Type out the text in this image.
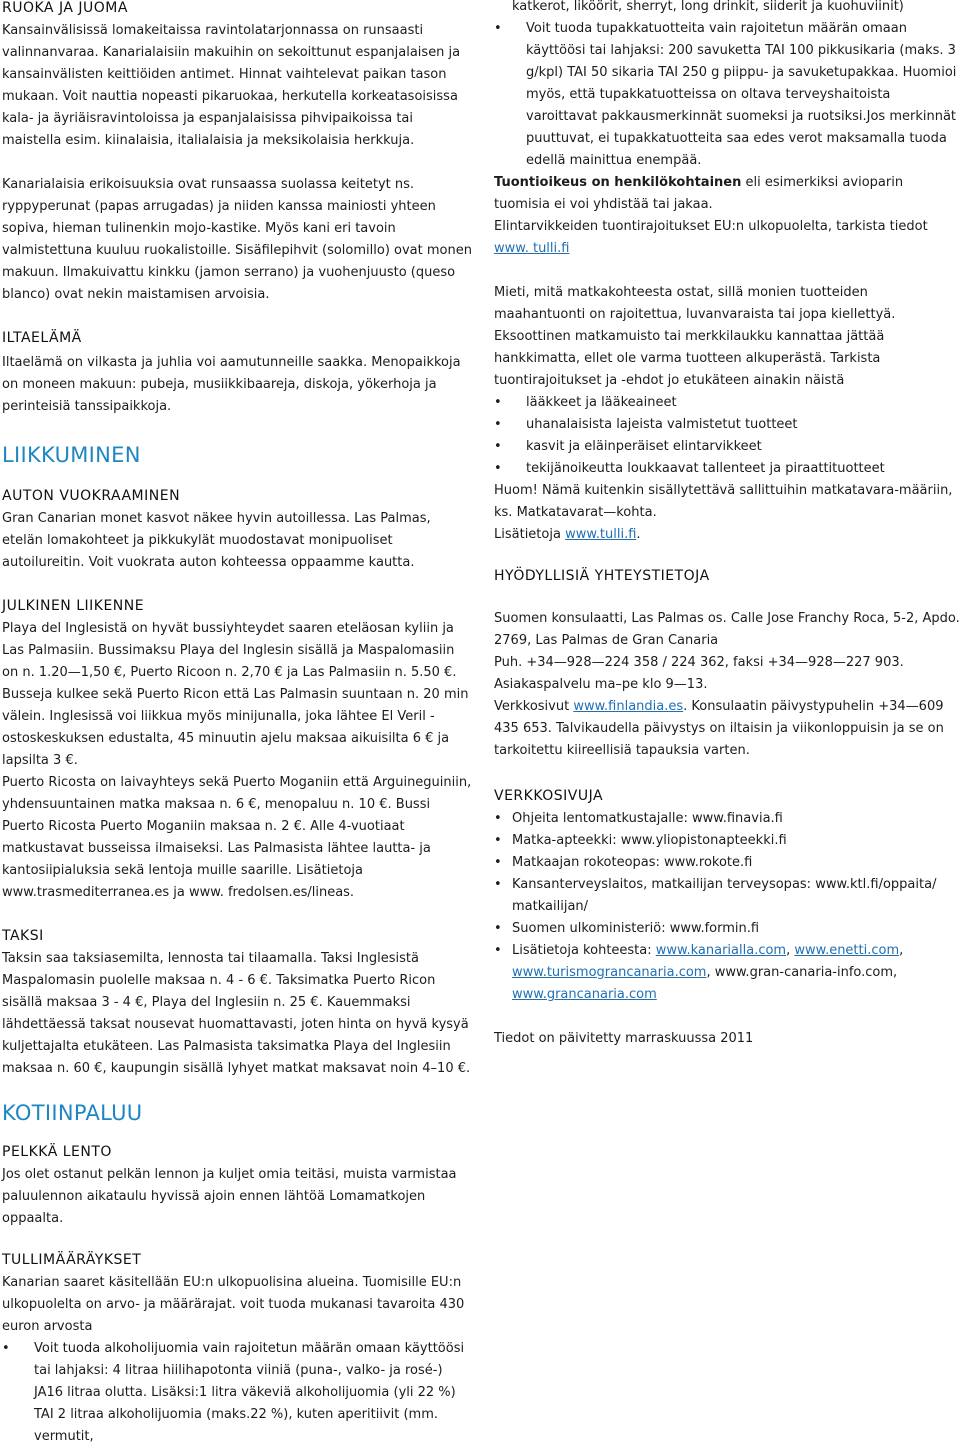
RUOKA JA JUOMA

Kansainvälisissä lomakeitaissa ravintolatarjonnassa on runsaasti valinnanvaraa. Kanarialaisiin makuihin on sekoittunut espanjalaisen ja kansainvälisten keittiöiden antimet. Hinnat vaihtelevat paikan tason mukaan. Voit nauttia nopeasti pikaruokaa, herkutella korkeatasoisissa kala- ja äyriäisravintoloissa ja espanjalaisissa pihvipaikoissa tai maistella esim. kiinalaisia, italialaisia ja meksikolaisia herkkuja.

Kanarialaisia erikoisuuksia ovat runsaassa suolassa keitetyt ns. ryppyperunat (papas arrugadas) ja niiden kanssa mainiosti yhteen sopiva, hieman tulinenkin mojo-kastike. Myös kani eri tavoin valmistettuna kuuluu ruokalistoille. Sisäfilepihvit (solomillo) ovat monen makuun. Ilmakuivattu kinkku (jamon serrano) ja vuohenjuusto (queso blanco) ovat nekin maistamisen arvoisia.

ILTAELÄMÄ

Iltaelämä on vilkasta ja juhlia voi aamutunneille saakka. Menopaikkoja on moneen makuun: pubeja, musiikkibaareja, diskoja, yökerhoja ja perinteisiä tanssipaikkoja.

LIIKKUMINEN
AUTON VUOKRAAMINEN

Gran Canarian monet kasvot näkee hyvin autoillessa. Las Palmas, etelän lomakohteet ja pikkukylät muodostavat monipuoliset autoilureitin. Voit vuokrata auton kohteessa oppaamme kautta.

JULKINEN LIIKENNE

Playa del Inglesistä on hyvät bussiyhteydet saaren eteläosan kyliin ja Las Palmasiin. Bussimaksu Playa del Inglesin sisällä ja Maspalomasiin on n. 1.20—1,50 €, Puerto Ricoon n. 2,70 € ja Las Palmasiin n. 5.50 €. Busseja kulkee sekä Puerto Ricon että Las Palmasin suuntaan n. 20 min välein. Inglesissä voi liikkua myös minijunalla, joka lähtee El Veril -ostoskeskuksen edustalta, 45 minuutin ajelu maksaa aikuisilta 6 € ja lapsilta 3 €.

Puerto Ricosta on laivayhteys sekä Puerto Moganiin että Arguineguiniin, yhdensuuntainen matka maksaa n. 6 €, menopaluu n. 10 €. Bussi Puerto Ricosta Puerto Moganiin maksaa n. 2 €. Alle 4-vuotiaat matkustavat busseissa ilmaiseksi. Las Palmasista lähtee lautta- ja kantosiipialuksia sekä lentoja muille saarille. Lisätietoja www.trasmediterranea.es ja www. fredolsen.es/lineas.

TAKSI

Taksin saa taksiasemilta, lennosta tai tilaamalla. Taksi Inglesistä Maspalomasin puolelle maksaa n. 4 - 6 €. Taksimatka Puerto Ricon sisällä maksaa 3 - 4 €, Playa del Inglesiin n. 25 €. Kauemmaksi lähdettäessä taksat nousevat huomattavasti, joten hinta on hyvä kysyä kuljettajalta etukäteen. Las Palmasista taksimatka Playa del Inglesiin maksaa n. 60 €, kaupungin sisällä lyhyet matkat maksavat noin 4–10 €.

KOTIINPALUU
PELKKÄ LENTO

Jos olet ostanut pelkän lennon ja kuljet omia teitäsi, muista varmistaa paluulennon aikataulu hyvissä ajoin ennen lähtöä Lomamatkojen oppaalta.

TULLIMÄÄRÄYKSET

Kanarian saaret käsitellään EU:n ulkopuolisina alueina. Tuomisille EU:n ulkopuolelta on arvo- ja määrärajat. voit tuoda mukanasi tavaroita 430 euron arvosta

• Voit tuoda alkoholijuomia vain rajoitetun määrän omaan käyttöösi tai lahjaksi: 4 litraa hiilihapotonta viiniä (puna-, valko- ja rosé-) JA16 litraa olutta. Lisäksi:1 litra väkeviä alkoholijuomia (yli 22 %) TAI 2 litraa alkoholijuomia (maks.22 %), kuten aperitiivit (mm. vermutit,

katkerot, liköörit, sherryt, long drinkit, siiderit ja kuohuviinit)

• Voit tuoda tupakkatuotteita vain rajoitetun määrän omaan käyttöösi tai lahjaksi: 200 savuketta TAI 100 pikkusikaria (maks. 3 g/kpl) TAI 50 sikaria TAI 250 g piippu- ja savuketupakkaa. Huomioi myös, että tupakkatuotteissa on oltava terveyshaitoista varoittavat pakkausmerkinnät suomeksi ja ruotsiksi.Jos merkinnät puuttuvat, ei tupakkatuotteita saa edes verot maksamalla tuoda edellä mainittua enempää.

Tuontioikeus on henkilökohtainen eli esimerkiksi avioparin tuomisia ei voi yhdistää tai jakaa.

Elintarvikkeiden tuontirajoitukset EU:n ulkopuolelta, tarkista tiedot www. tulli.fi

Mieti, mitä matkakohteesta ostat, sillä monien tuotteiden maahantuonti on rajoitettua, luvanvaraista tai jopa kiellettyä. Eksoottinen matkamuisto tai merkkilaukku kannattaa jättää hankkimatta, ellet ole varma tuotteen alkuperästä. Tarkista tuontirajoitukset ja -ehdot jo etukäteen ainakin näistä

• lääkkeet ja lääkeaineet
• uhanalaisista lajeista valmistetut tuotteet
• kasvit ja eläinperäiset elintarvikkeet
• tekijänoikeutta loukkaavat tallenteet ja piraattituotteet

Huom! Nämä kuitenkin sisällytettävä sallittuihin matkatavara-määriin, ks. Matkatavarat—kohta.

Lisätietoja www.tulli.fi.

HYÖDYLLISIÄ YHTEYSTIETOJA

Suomen konsulaatti, Las Palmas os. Calle Jose Franchy Roca, 5-2, Apdo. 2769, Las Palmas de Gran Canaria

Puh. +34—928—224 358 / 224 362, faksi +34—928—227 903. Asiakaspalvelu ma–pe klo 9—13.

Verkkosivut www.finlandia.es. Konsulaatin päivystypuhelin +34—609 435 653. Talvikaudella päivystys on iltaisin ja viikonloppuisin ja se on tarkoitettu kiireellisiä tapauksia varten.

VERKKOSIVUJA
• Ohjeita lentomatkustajalle: www.finavia.fi
• Matka-apteekki: www.yliopistonapteekki.fi
• Matkaajan rokoteopas: www.rokote.fi
• Kansanterveyslaitos, matkailijan terveysopas: www.ktl.fi/oppaita/ matkailijan/
• Suomen ulkoministeriö: www.formin.fi
• Lisätietoja kohteesta: www.kanarialla.com, www.enetti.com, www.turismograncanaria.com, www.gran-canaria-info.com, www.grancanaria.com

Tiedot on päivitetty marraskuussa 2011
